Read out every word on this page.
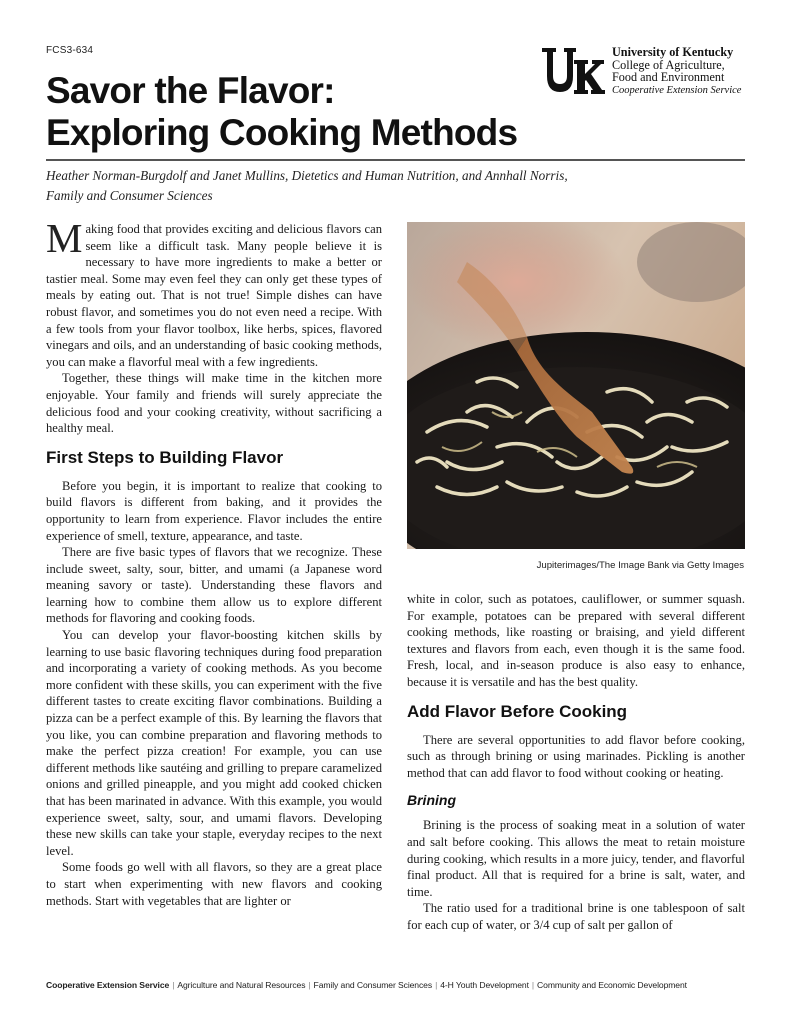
FCS3-634
Savor the Flavor:
Exploring Cooking Methods
University of Kentucky
College of Agriculture,
Food and Environment
Cooperative Extension Service
Heather Norman-Burgdolf and Janet Mullins, Dietetics and Human Nutrition, and Annhall Norris,
Family and Consumer Sciences

Making food that provides exciting and delicious flavors can seem like a difficult task. Many people believe it is necessary to have more ingredients to make a better or tastier meal. Some may even feel they can only get these types of meals by eating out. That is not true! Simple dishes can have robust flavor, and sometimes you do not even need a recipe. With a few tools from your flavor toolbox, like herbs, spices, flavored vinegars and oils, and an understanding of basic cooking methods, you can make a flavorful meal with a few ingredients.

Together, these things will make time in the kitchen more enjoyable. Your family and friends will surely appreciate the delicious food and your cooking creativity, without sacrificing a healthy meal.

First Steps to Building Flavor

Before you begin, it is important to realize that cooking to build flavors is different from baking, and it provides the opportunity to learn from experience. Flavor includes the entire experience of smell, texture, appearance, and taste.

There are five basic types of flavors that we recognize. These include sweet, salty, sour, bitter, and umami (a Japanese word meaning savory or taste). Understanding these flavors and learning how to combine them allow us to explore different methods for flavoring and cooking foods.

You can develop your flavor-boosting kitchen skills by learning to use basic flavoring techniques during food preparation and incorporating a variety of cooking methods. As you become more confident with these skills, you can experiment with the five different tastes to create exciting flavor combinations. Building a pizza can be a perfect example of this. By learning the flavors that you like, you can combine preparation and flavoring methods to make the perfect pizza creation! For example, you can use different methods like sautéing and grilling to prepare caramelized onions and grilled pineapple, and you might add cooked chicken that has been marinated in advance. With this example, you would experience sweet, salty, sour, and umami flavors. Developing these new skills can take your staple, everyday recipes to the next level.

Some foods go well with all flavors, so they are a great place to start when experimenting with new flavors and cooking methods. Start with vegetables that are lighter or

Jupiterimages/The Image Bank via Getty Images

white in color, such as potatoes, cauliflower, or summer squash. For example, potatoes can be prepared with several different cooking methods, like roasting or braising, and yield different textures and flavors from each, even though it is the same food. Fresh, local, and in-season produce is also easy to enhance, because it is versatile and has the best quality.

Add Flavor Before Cooking

There are several opportunities to add flavor before cooking, such as through brining or using marinades. Pickling is another method that can add flavor to food without cooking or heating.

Brining

Brining is the process of soaking meat in a solution of water and salt before cooking. This allows the meat to retain moisture during cooking, which results in a more juicy, tender, and flavorful final product. All that is required for a brine is salt, water, and time.

The ratio used for a traditional brine is one tablespoon of salt for each cup of water, or 3/4 cup of salt per gallon of

Cooperative Extension Service | Agriculture and Natural Resources | Family and Consumer Sciences | 4-H Youth Development | Community and Economic Development
